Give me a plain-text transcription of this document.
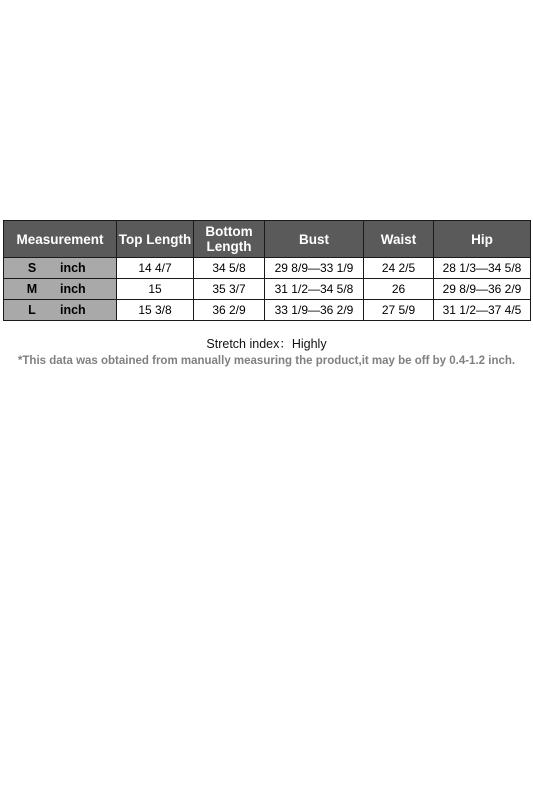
Measurement	Top Length	Bottom Length	Bust	Waist	Hip
S inch	14 4/7	34 5/8	29 8/9—33 1/9	24 2/5	28 1/3—34 5/8
M inch	15	35 3/7	31 1/2—34 5/8	26	29 8/9—36 2/9
L inch	15 3/8	36 2/9	33 1/9—36 2/9	27 5/9	31 1/2—37 4/5
Stretch index：Highly
*This data was obtained from manually measuring the product,it may be off by 0.4-1.2 inch.
